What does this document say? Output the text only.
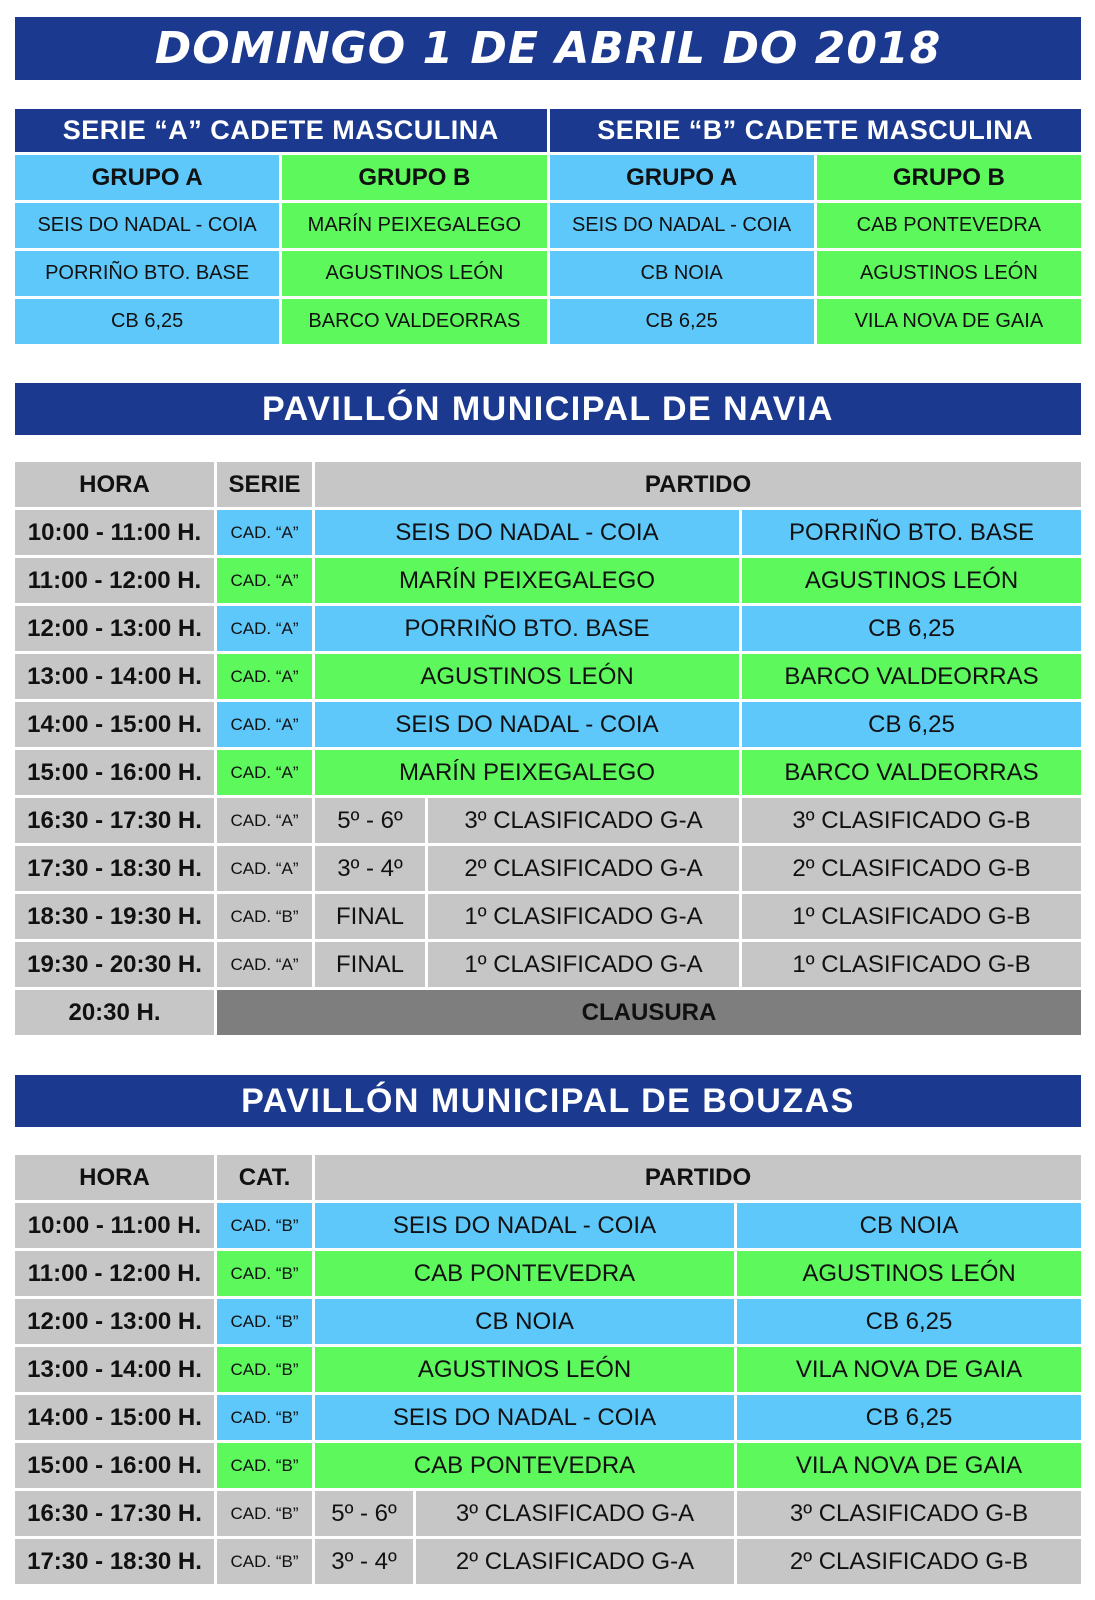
DOMINGO 1 DE ABRIL DO 2018
SERIE “A” CADETE MASCULINA	SERIE “B” CADETE MASCULINA
GRUPO A	GRUPO B	GRUPO A	GRUPO B
SEIS DO NADAL - COIA	MARÍN PEIXEGALEGO	SEIS DO NADAL - COIA	CAB PONTEVEDRA
PORRIÑO BTO. BASE	AGUSTINOS LEÓN	CB NOIA	AGUSTINOS LEÓN
CB 6,25	BARCO VALDEORRAS	CB 6,25	VILA NOVA DE GAIA
PAVILLÓN MUNICIPAL DE NAVIA
HORA	SERIE	PARTIDO
10:00 - 11:00 H.	CAD. “A”	SEIS DO NADAL - COIA	PORRIÑO BTO. BASE
11:00 - 12:00 H.	CAD. “A”	MARÍN PEIXEGALEGO	AGUSTINOS LEÓN
12:00 - 13:00 H.	CAD. “A”	PORRIÑO BTO. BASE	CB 6,25
13:00 - 14:00 H.	CAD. “A”	AGUSTINOS LEÓN	BARCO VALDEORRAS
14:00 - 15:00 H.	CAD. “A”	SEIS DO NADAL - COIA	CB 6,25
15:00 - 16:00 H.	CAD. “A”	MARÍN PEIXEGALEGO	BARCO VALDEORRAS
16:30 - 17:30 H.	CAD. “A”	5º - 6º	3º CLASIFICADO G-A	3º CLASIFICADO G-B
17:30 - 18:30 H.	CAD. “A”	3º - 4º	2º CLASIFICADO G-A	2º CLASIFICADO G-B
18:30 - 19:30 H.	CAD. “B”	FINAL	1º CLASIFICADO G-A	1º CLASIFICADO G-B
19:30 - 20:30 H.	CAD. “A”	FINAL	1º CLASIFICADO G-A	1º CLASIFICADO G-B
20:30 H.	CLAUSURA
PAVILLÓN MUNICIPAL DE BOUZAS
HORA	CAT.	PARTIDO
10:00 - 11:00 H.	CAD. “B”	SEIS DO NADAL - COIA	CB NOIA
11:00 - 12:00 H.	CAD. “B”	CAB PONTEVEDRA	AGUSTINOS LEÓN
12:00 - 13:00 H.	CAD. “B”	CB NOIA	CB 6,25
13:00 - 14:00 H.	CAD. “B”	AGUSTINOS LEÓN	VILA NOVA DE GAIA
14:00 - 15:00 H.	CAD. “B”	SEIS DO NADAL - COIA	CB 6,25
15:00 - 16:00 H.	CAD. “B”	CAB PONTEVEDRA	VILA NOVA DE GAIA
16:30 - 17:30 H.	CAD. “B”	5º - 6º	3º CLASIFICADO G-A	3º CLASIFICADO G-B
17:30 - 18:30 H.	CAD. “B”	3º - 4º	2º CLASIFICADO G-A	2º CLASIFICADO G-B
